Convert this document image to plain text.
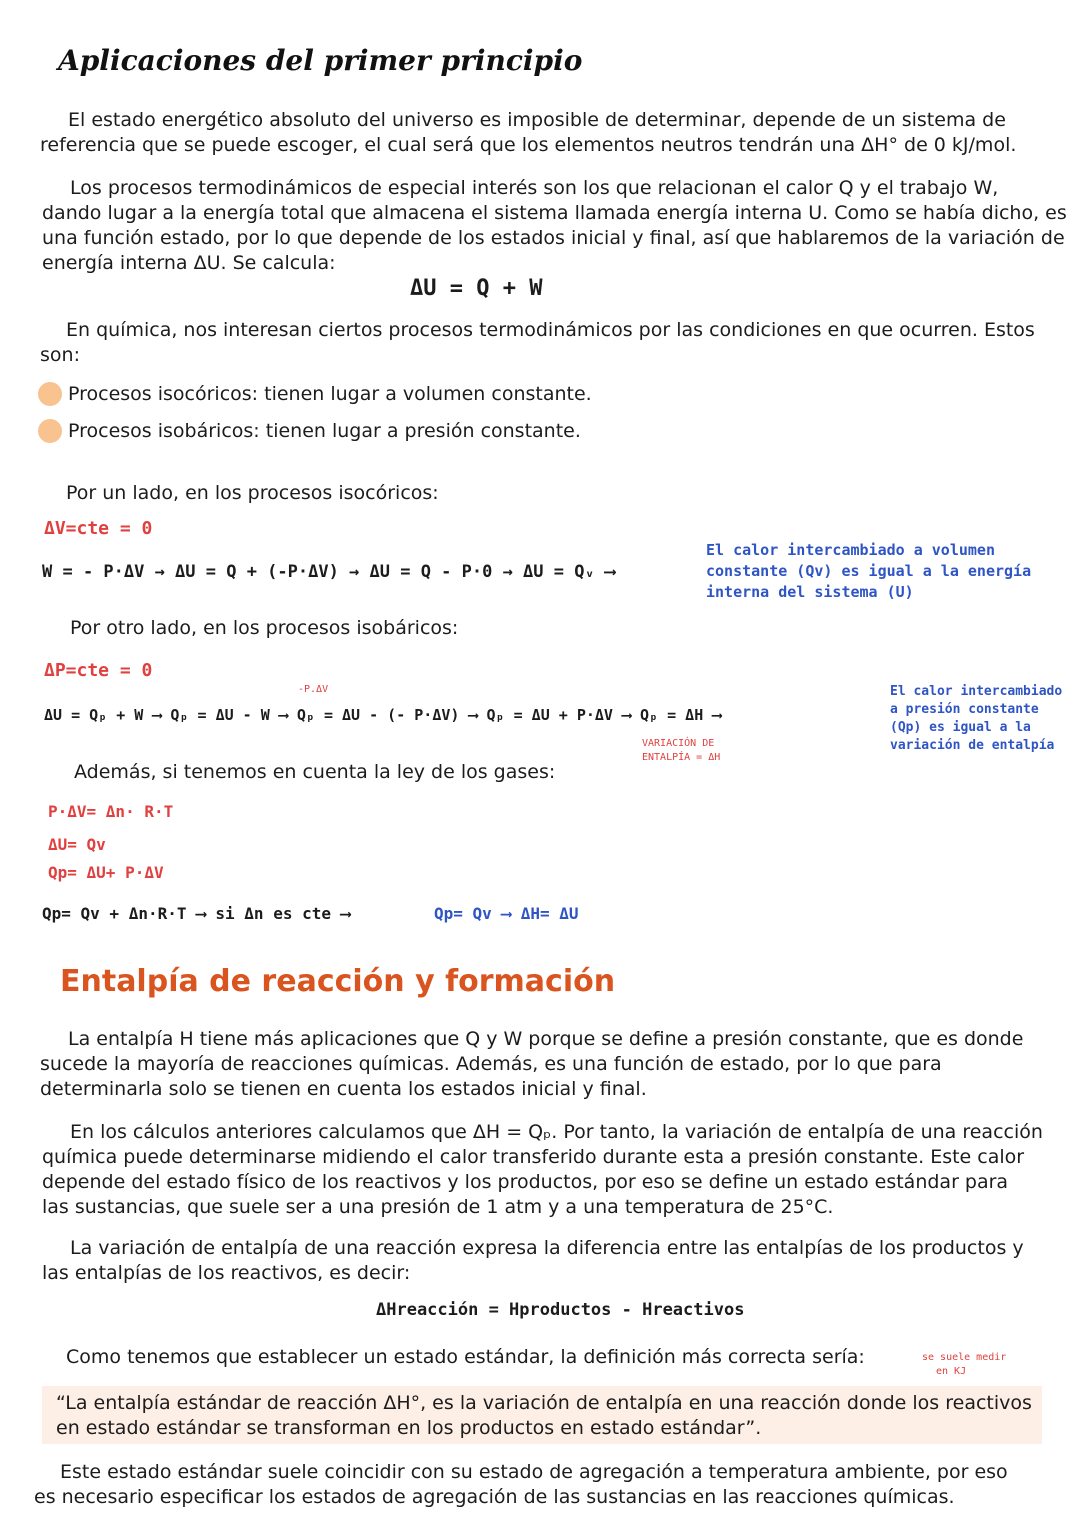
Aplicaciones del primer principio
El estado energético absoluto del universo es imposible de determinar, depende de un sistema de
referencia que se puede escoger, el cual será que los elementos neutros tendrán una ΔH° de 0 kJ/mol.
Los procesos termodinámicos de especial interés son los que relacionan el calor Q y el trabajo W,
dando lugar a la energía total que almacena el sistema llamada energía interna U. Como se había dicho, es
una función estado, por lo que depende de los estados inicial y final, así que hablaremos de la variación de
energía interna ΔU. Se calcula:
ΔU = Q + W
En química, nos interesan ciertos procesos termodinámicos por las condiciones en que ocurren. Estos
son:
Procesos isocóricos: tienen lugar a volumen constante.
Procesos isobáricos: tienen lugar a presión constante.
Por un lado, en los procesos isocóricos:
ΔV=cte = 0
W = - P·ΔV → ΔU = Q + (-P·ΔV) → ΔU = Q - P·0 → ΔU = Qᵥ ⟶
El calor intercambiado a volumen
constante (Qv) es igual a la energía
interna del sistema (U)
Por otro lado, en los procesos isobáricos:
ΔP=cte = 0
-P.ΔV
ΔU = Qₚ + W ⟶ Qₚ = ΔU - W ⟶ Qₚ = ΔU - (- P·ΔV) ⟶ Qₚ = ΔU + P·ΔV ⟶ Qₚ = ΔH ⟶
VARIACIÓN DE
ENTALPÍA = ΔH
El calor intercambiado
a presión constante
(Qp) es igual a la
variación de entalpía
Además, si tenemos en cuenta la ley de los gases:
P·ΔV= Δn· R·T
ΔU= Qv
Qp= ΔU+ P·ΔV
Qp= Qv + Δn·R·T ⟶ si Δn es cte ⟶	Qp= Qv ⟶ ΔH= ΔU
Entalpía de reacción y formación
La entalpía H tiene más aplicaciones que Q y W porque se define a presión constante, que es donde
sucede la mayoría de reacciones químicas. Además, es una función de estado, por lo que para
determinarla solo se tienen en cuenta los estados inicial y final.
En los cálculos anteriores calculamos que ΔH = Qₚ. Por tanto, la variación de entalpía de una reacción
química puede determinarse midiendo el calor transferido durante esta a presión constante. Este calor
depende del estado físico de los reactivos y los productos, por eso se define un estado estándar para
las sustancias, que suele ser a una presión de 1 atm y a una temperatura de 25°C.
La variación de entalpía de una reacción expresa la diferencia entre las entalpías de los productos y
las entalpías de los reactivos, es decir:
ΔHreacción = Hproductos - Hreactivos
Como tenemos que establecer un estado estándar, la definición más correcta sería:	se suele medir
en KJ
“La entalpía estándar de reacción ΔH°, es la variación de entalpía en una reacción donde los reactivos
en estado estándar se transforman en los productos en estado estándar”.
Este estado estándar suele coincidir con su estado de agregación a temperatura ambiente, por eso
es necesario especificar los estados de agregación de las sustancias en las reacciones químicas.
